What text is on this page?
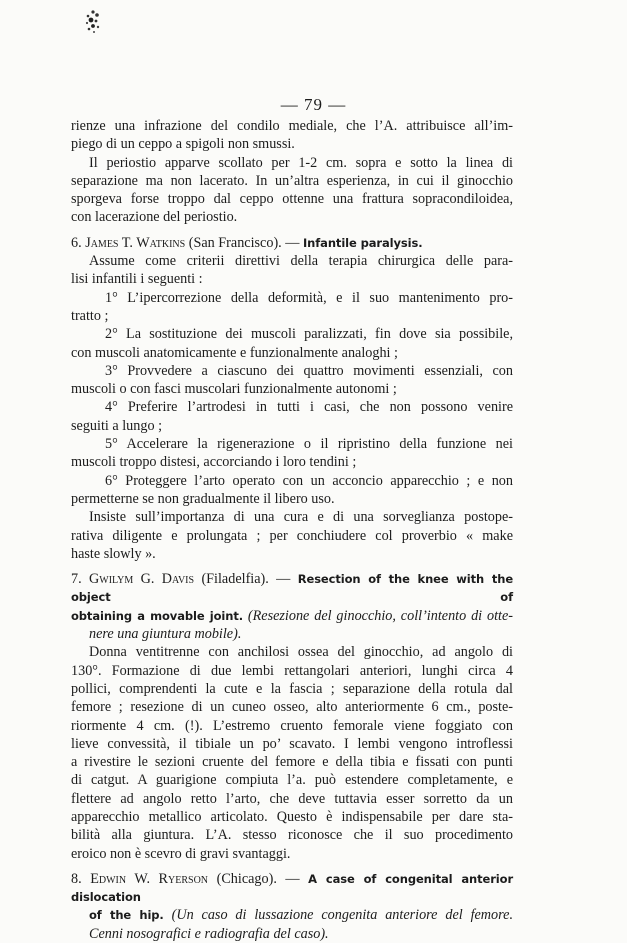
— 79 —
rienze una infrazione del condilo mediale, che l’A. attribuisce all’im-
piego di un ceppo a spigoli non smussi.
Il periostio apparve scollato per 1-2 cm. sopra e sotto la linea di
separazione ma non lacerato. In un’altra esperienza, in cui il ginocchio
sporgeva forse troppo dal ceppo ottenne una frattura sopracondiloidea,
con lacerazione del periostio.
6. James T. Watkins (San Francisco). — Infantile paralysis.
Assume come criterii direttivi della terapia chirurgica delle para-
lisi infantili i seguenti :
1° L’ipercorrezione della deformità, e il suo mantenimento pro-
tratto ;
2° La sostituzione dei muscoli paralizzati, fin dove sia possibile,
con muscoli anatomicamente e funzionalmente analoghi ;
3° Provvedere a ciascuno dei quattro movimenti essenziali, con
muscoli o con fasci muscolari funzionalmente autonomi ;
4° Preferire l’artrodesi in tutti i casi, che non possono venire
seguiti a lungo ;
5° Accelerare la rigenerazione o il ripristino della funzione nei
muscoli troppo distesi, accorciando i loro tendini ;
6° Proteggere l’arto operato con un acconcio apparecchio ; e non
permetterne se non gradualmente il libero uso.
Insiste sull’importanza di una cura e di una sorveglianza postope-
rativa diligente e prolungata ; per conchiudere col proverbio « make
haste slowly ».
7. Gwilym G. Davis (Filadelfia). — Resection of the knee with the object of
obtaining a movable joint. (Resezione del ginocchio, coll’intento di otte-
nere una giuntura mobile).
Donna ventitrenne con anchilosi ossea del ginocchio, ad angolo di
130°. Formazione di due lembi rettangolari anteriori, lunghi circa 4
pollici, comprendenti la cute e la fascia ; separazione della rotula dal
femore ; resezione di un cuneo osseo, alto anteriormente 6 cm., poste-
riormente 4 cm. (!). L’estremo cruento femorale viene foggiato con
lieve convessità, il tibiale un po’ scavato. I lembi vengono introflessi
a rivestire le sezioni cruente del femore e della tibia e fissati con punti
di catgut. A guarigione compiuta l’a. può estendere completamente, e
flettere ad angolo retto l’arto, che deve tuttavia esser sorretto da un
apparecchio metallico articolato. Questo è indispensabile per dare sta-
bilità alla giuntura. L’A. stesso riconosce che il suo procedimento
eroico non è scevro di gravi svantaggi.
8. Edwin W. Ryerson (Chicago). — A case of congenital anterior dislocation
of the hip. (Un caso di lussazione congenita anteriore del femore.
Cenni nosografici e radiografia del caso).
